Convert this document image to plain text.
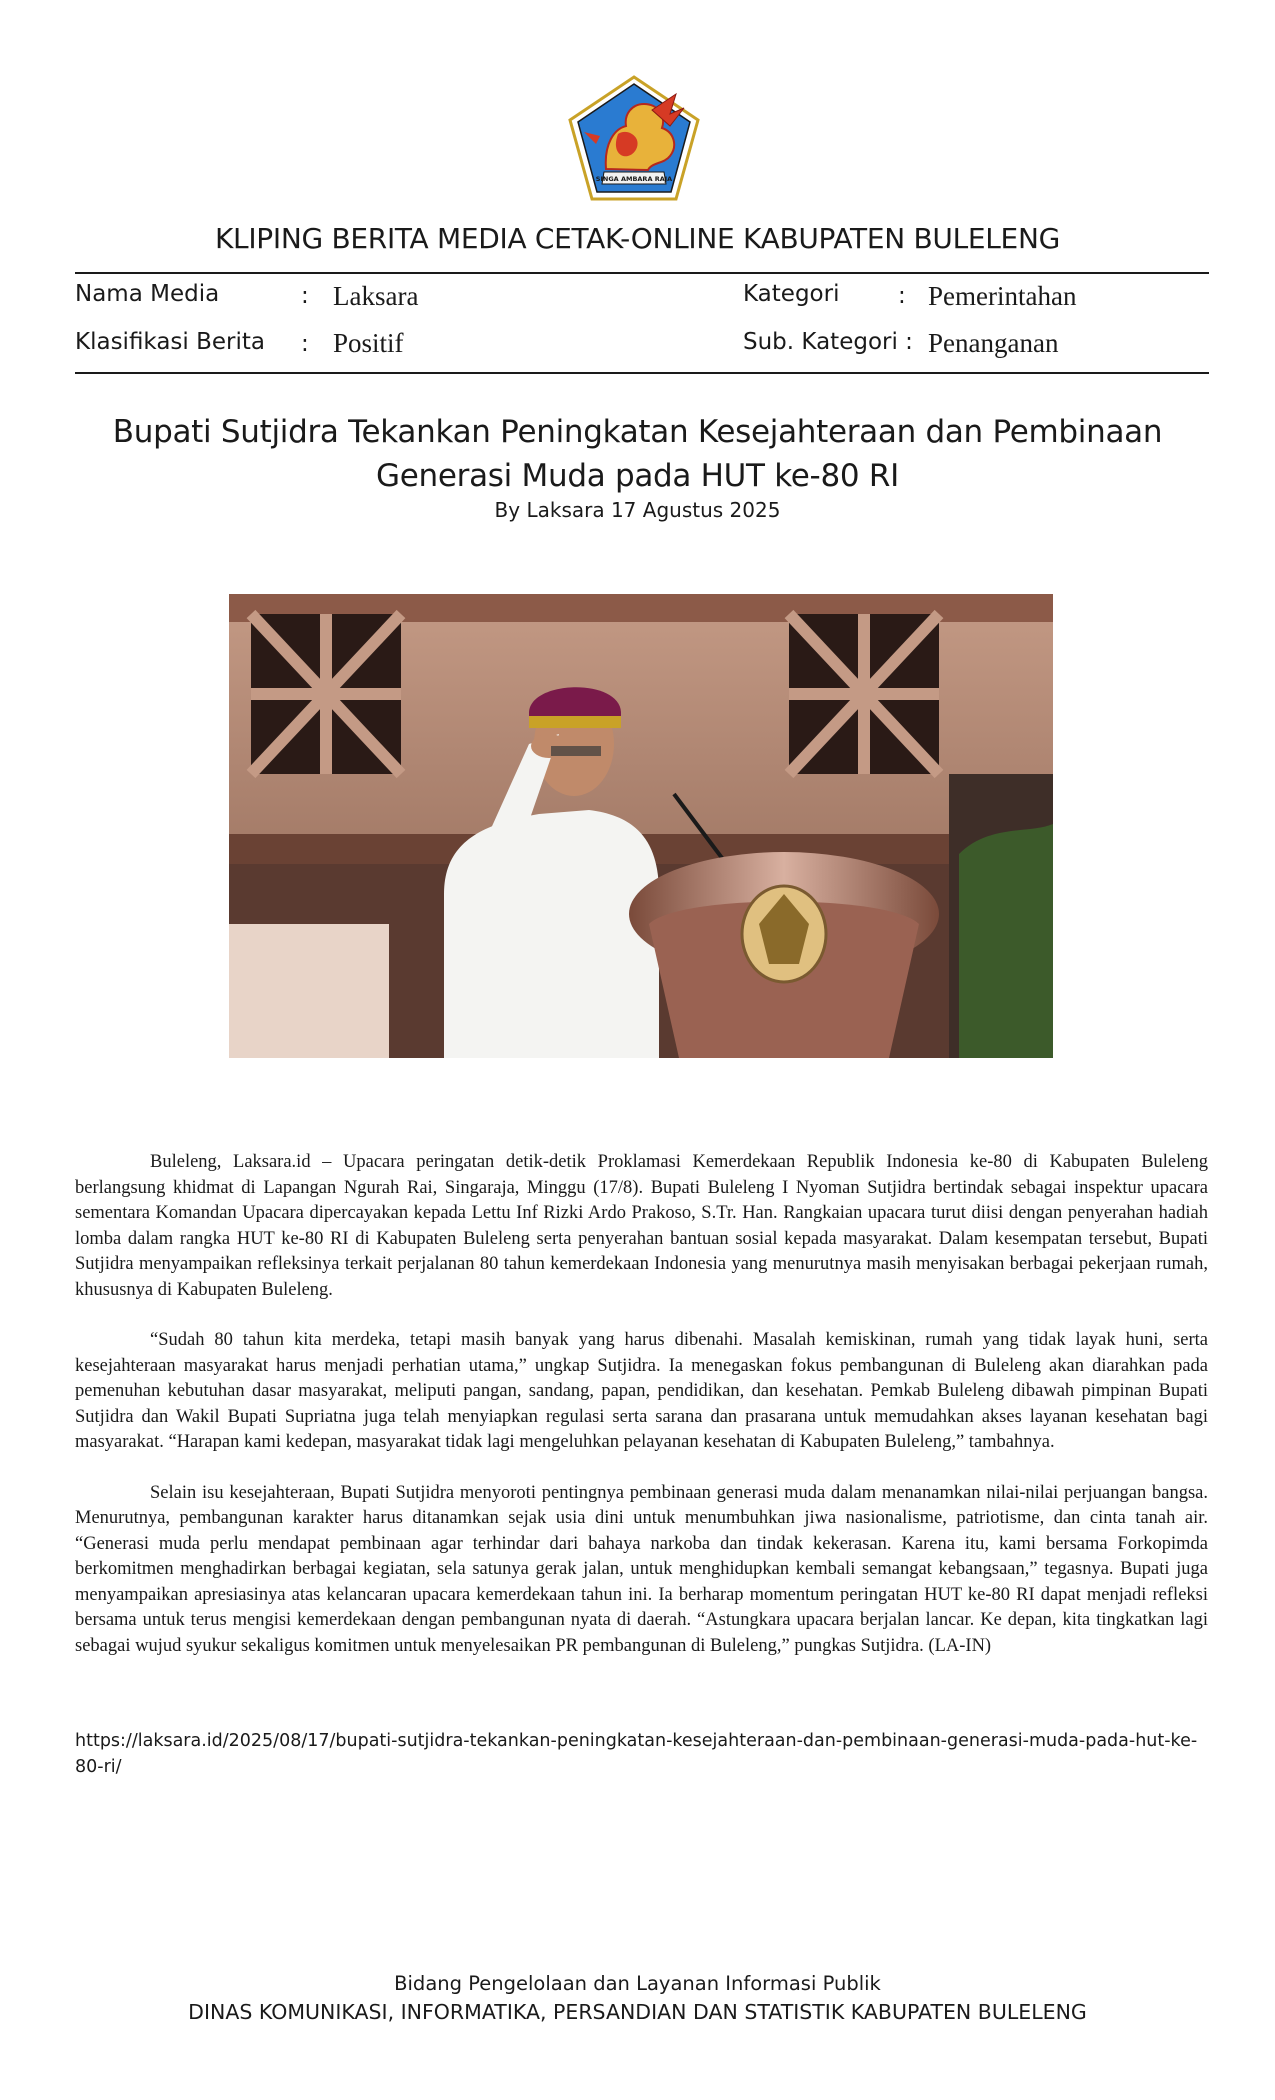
SINGA AMBARA RAJA
KLIPING BERITA MEDIA CETAK-ONLINE KABUPATEN BULELENG
Nama Media	: Laksara	Kategori	: Pemerintahan
Klasifikasi Berita : Positif	Sub. Kategori : Penanganan
Bupati Sutjidra Tekankan Peningkatan Kesejahteraan dan Pembinaan
Generasi Muda pada HUT ke-80 RI
By Laksara 17 Agustus 2025

Buleleng, Laksara.id – Upacara peringatan detik-detik Proklamasi Kemerdekaan Republik Indonesia ke-80 di Kabupaten Buleleng berlangsung khidmat di Lapangan Ngurah Rai, Singaraja, Minggu (17/8). Bupati Buleleng I Nyoman Sutjidra bertindak sebagai inspektur upacara sementara Komandan Upacara dipercayakan kepada Lettu Inf Rizki Ardo Prakoso, S.Tr. Han. Rangkaian upacara turut diisi dengan penyerahan hadiah lomba dalam rangka HUT ke-80 RI di Kabupaten Buleleng serta penyerahan bantuan sosial kepada masyarakat. Dalam kesempatan tersebut, Bupati Sutjidra menyampaikan refleksinya terkait perjalanan 80 tahun kemerdekaan Indonesia yang menurutnya masih menyisakan berbagai pekerjaan rumah, khususnya di Kabupaten Buleleng.

“Sudah 80 tahun kita merdeka, tetapi masih banyak yang harus dibenahi. Masalah kemiskinan, rumah yang tidak layak huni, serta kesejahteraan masyarakat harus menjadi perhatian utama,” ungkap Sutjidra. Ia menegaskan fokus pembangunan di Buleleng akan diarahkan pada pemenuhan kebutuhan dasar masyarakat, meliputi pangan, sandang, papan, pendidikan, dan kesehatan. Pemkab Buleleng dibawah pimpinan Bupati Sutjidra dan Wakil Bupati Supriatna juga telah menyiapkan regulasi serta sarana dan prasarana untuk memudahkan akses layanan kesehatan bagi masyarakat. “Harapan kami kedepan, masyarakat tidak lagi mengeluhkan pelayanan kesehatan di Kabupaten Buleleng,” tambahnya.

Selain isu kesejahteraan, Bupati Sutjidra menyoroti pentingnya pembinaan generasi muda dalam menanamkan nilai-nilai perjuangan bangsa. Menurutnya, pembangunan karakter harus ditanamkan sejak usia dini untuk menumbuhkan jiwa nasionalisme, patriotisme, dan cinta tanah air. “Generasi muda perlu mendapat pembinaan agar terhindar dari bahaya narkoba dan tindak kekerasan. Karena itu, kami bersama Forkopimda berkomitmen menghadirkan berbagai kegiatan, sela satunya gerak jalan, untuk menghidupkan kembali semangat kebangsaan,” tegasnya. Bupati juga menyampaikan apresiasinya atas kelancaran upacara kemerdekaan tahun ini. Ia berharap momentum peringatan HUT ke-80 RI dapat menjadi refleksi bersama untuk terus mengisi kemerdekaan dengan pembangunan nyata di daerah. “Astungkara upacara berjalan lancar. Ke depan, kita tingkatkan lagi sebagai wujud syukur sekaligus komitmen untuk menyelesaikan PR pembangunan di Buleleng,” pungkas Sutjidra. (LA-IN)

https://laksara.id/2025/08/17/bupati-sutjidra-tekankan-peningkatan-kesejahteraan-dan-pembinaan-generasi-muda-pada-hut-ke-80-ri/
Bidang Pengelolaan dan Layanan Informasi Publik
DINAS KOMUNIKASI, INFORMATIKA, PERSANDIAN DAN STATISTIK KABUPATEN BULELENG
